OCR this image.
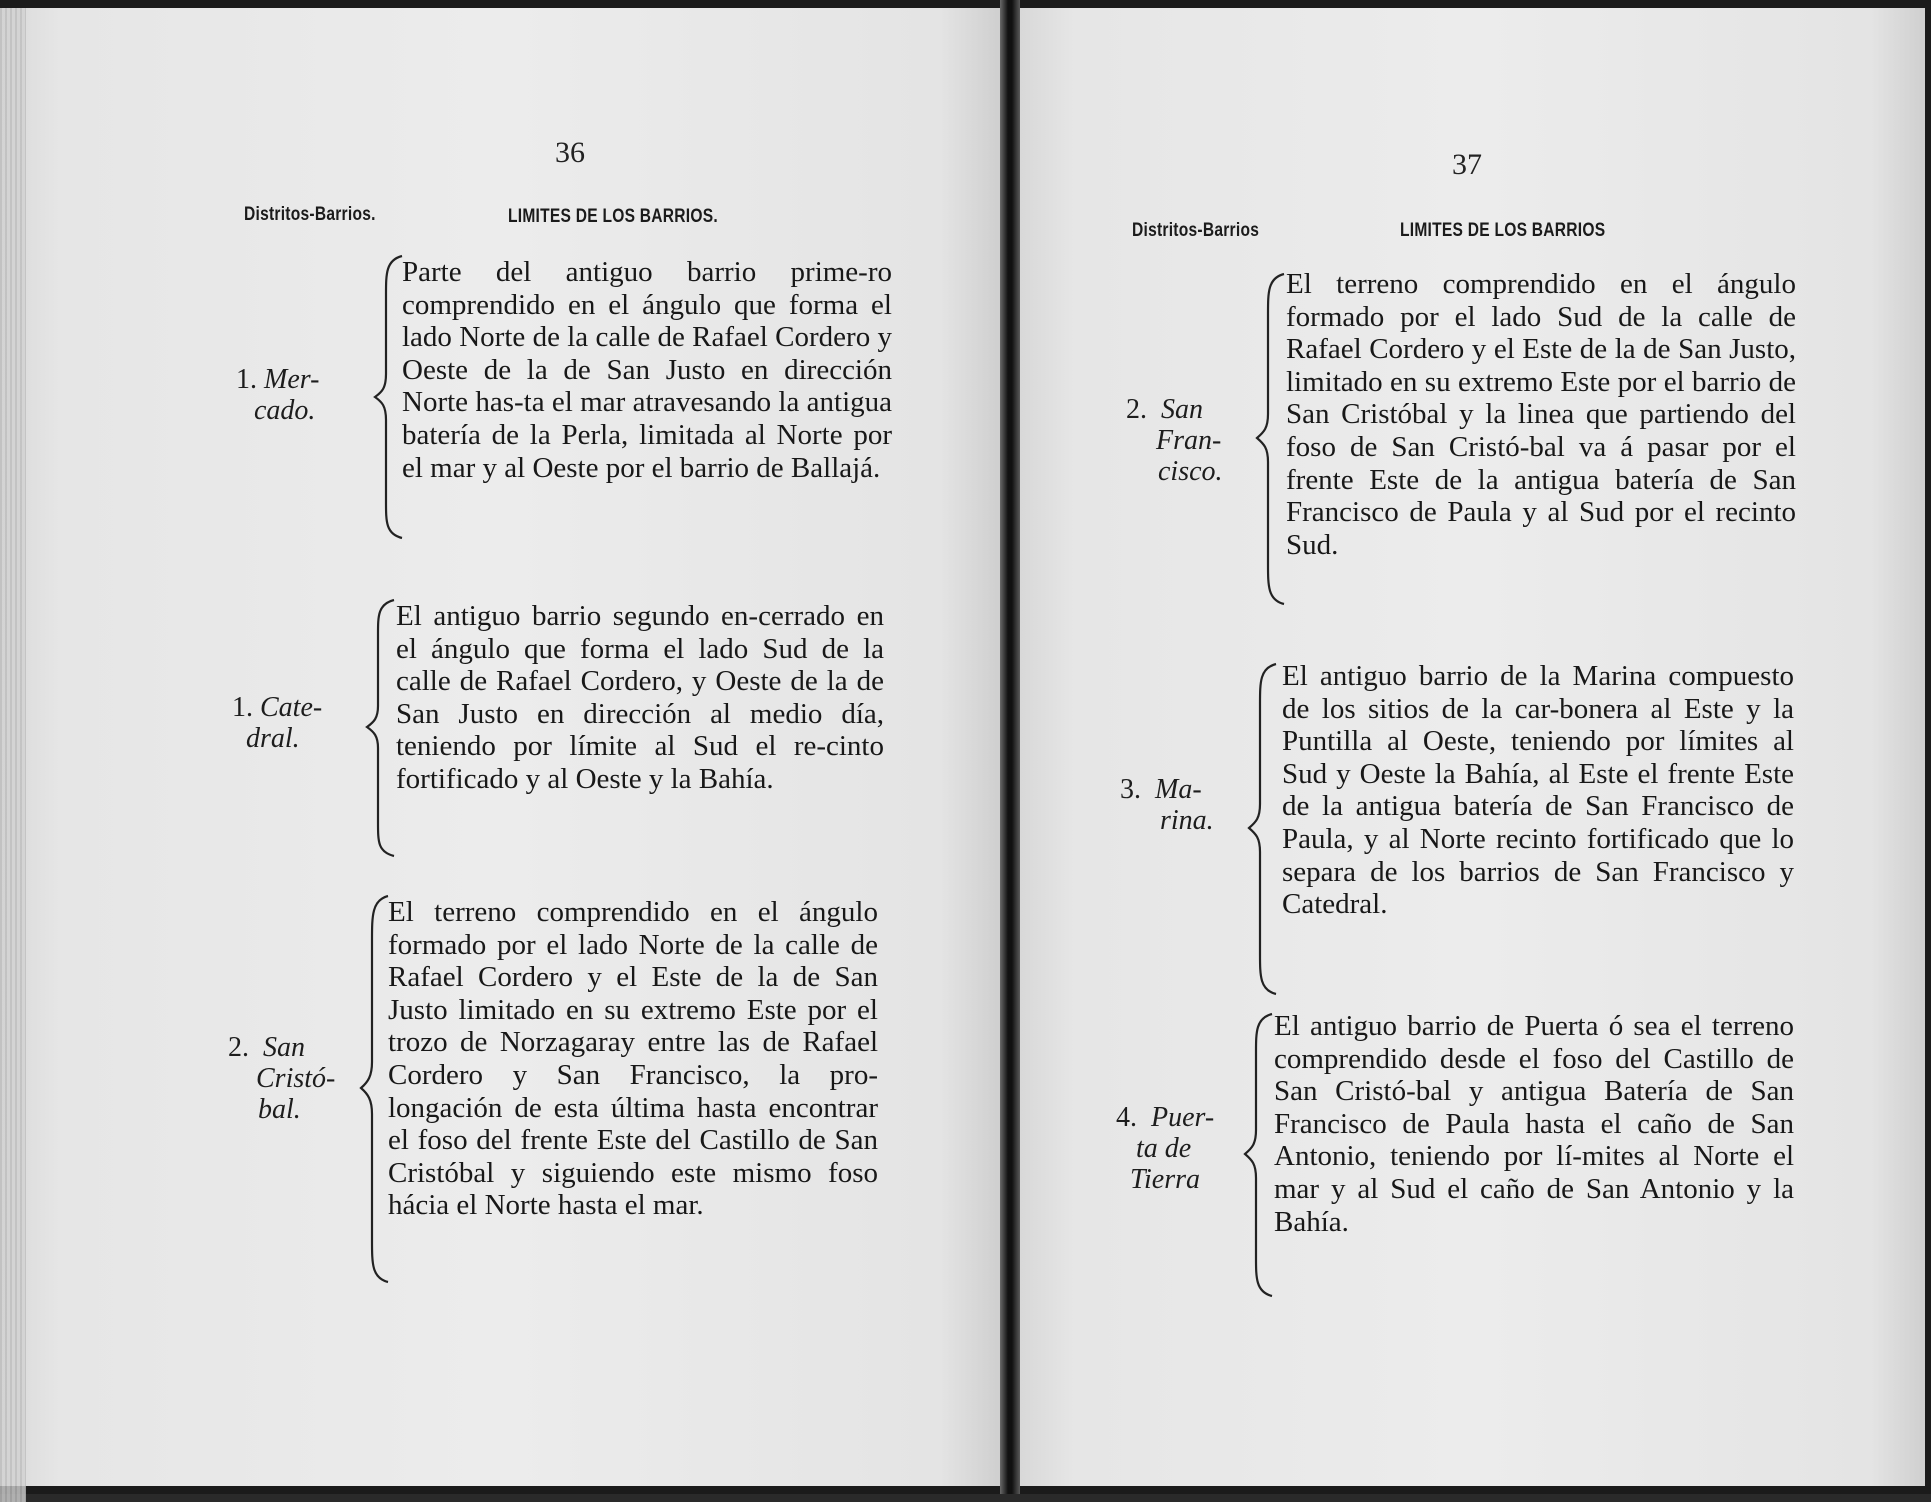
36
Distritos-Barrios.	LIMITES DE LOS BARRIOS.
1. Mer-
cado.
Parte del antiguo barrio prime-ro comprendido en el ángulo que forma el lado Norte de la calle de Rafael Cordero y Oeste de la de San Justo en dirección Norte has-ta el mar atravesando la antigua batería de la Perla, limitada al Norte por el mar y al Oeste por el barrio de Ballajá.
1. Cate-
dral.
El antiguo barrio segundo en-cerrado en el ángulo que forma el lado Sud de la calle de Rafael Cordero, y Oeste de la de San Justo en dirección al medio día, teniendo por límite al Sud el re-cinto fortificado y al Oeste y la Bahía.
2. San
Cristó-
bal.
El terreno comprendido en el ángulo formado por el lado Norte de la calle de Rafael Cordero y el Este de la de San Justo limitado en su extremo Este por el trozo de Norzagaray entre las de Rafael Cordero y San Francisco, la pro-longación de esta última hasta encontrar el foso del frente Este del Castillo de San Cristóbal y siguiendo este mismo foso hácia el Norte hasta el mar.
37
Distritos-Barrios	LIMITES DE LOS BARRIOS
2. San
Fran-
cisco.
El terreno comprendido en el ángulo formado por el lado Sud de la calle de Rafael Cordero y el Este de la de San Justo, limitado en su extremo Este por el barrio de San Cristóbal y la linea que partiendo del foso de San Cristó-bal va á pasar por el frente Este de la antigua batería de San Francisco de Paula y al Sud por el recinto Sud.
3. Ma-
rina.
El antiguo barrio de la Marina compuesto de los sitios de la car-bonera al Este y la Puntilla al Oeste, teniendo por límites al Sud y Oeste la Bahía, al Este el frente Este de la antigua batería de San Francisco de Paula, y al Norte recinto fortificado que lo separa de los barrios de San Francisco y Catedral.
4. Puer-
ta de
Tierra
El antiguo barrio de Puerta ó sea el terreno comprendido desde el foso del Castillo de San Cristó-bal y antigua Batería de San Francisco de Paula hasta el caño de San Antonio, teniendo por lí-mites al Norte el mar y al Sud el caño de San Antonio y la Bahía.
